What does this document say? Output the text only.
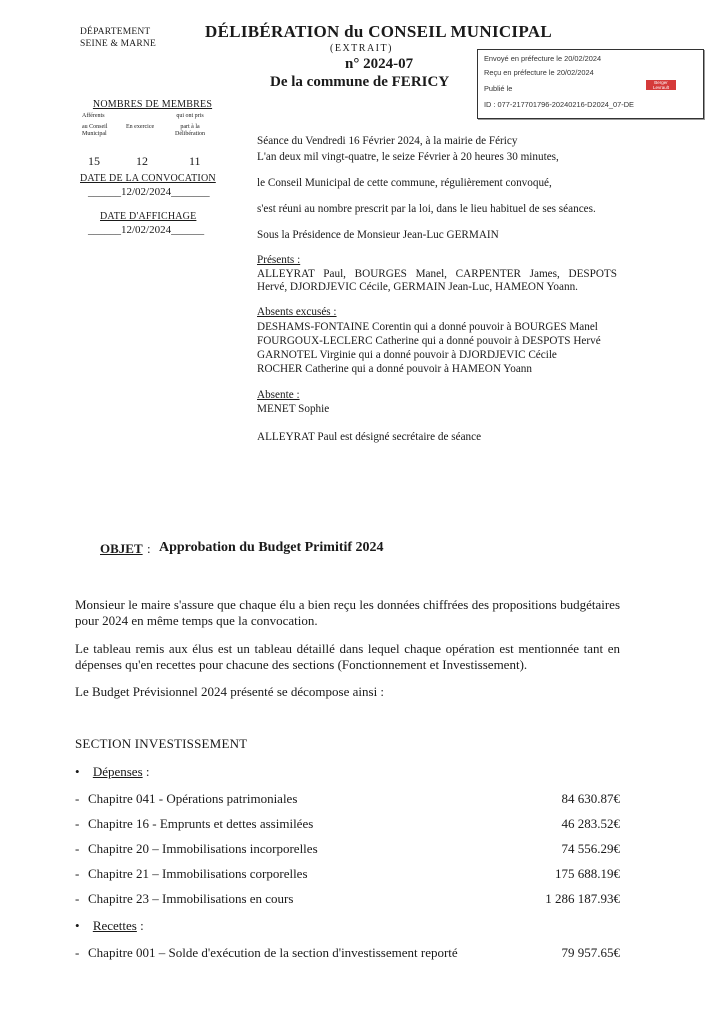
DÉPARTEMENT
SEINE & MARNE
DÉLIBÉRATION du CONSEIL MUNICIPAL
(EXTRAIT)
n° 2024-07
De la commune de FERICY
Envoyé en préfecture le 20/02/2024
Reçu en préfecture le 20/02/2024
Publié le
ID : 077-217701796-20240216-D2024_07-DE
Berger Levrault
NOMBRES DE MEMBRES
Afférents
au Conseil
Municipal
En exercice
qui ont pris
part à la
Délibération
15	12	11
DATE DE LA CONVOCATION
______12/02/2024_______
DATE D'AFFICHAGE
______12/02/2024______
Séance du Vendredi 16 Février 2024, à la mairie de Féricy
L'an deux mil vingt-quatre, le seize Février à 20 heures 30 minutes,
le Conseil Municipal de cette commune, régulièrement convoqué,
s'est réuni au nombre prescrit par la loi, dans le lieu habituel de ses séances.
Sous la Présidence de Monsieur Jean-Luc GERMAIN
Présents :
ALLEYRAT Paul, BOURGES Manel, CARPENTER James, DESPOTS
Hervé, DJORDJEVIC Cécile, GERMAIN Jean-Luc, HAMEON Yoann.
Absents excusés :
DESHAMS-FONTAINE Corentin qui a donné pouvoir à BOURGES Manel
FOURGOUX-LECLERC Catherine qui a donné pouvoir à DESPOTS Hervé
GARNOTEL Virginie qui a donné pouvoir à DJORDJEVIC Cécile
ROCHER Catherine qui a donné pouvoir à HAMEON Yoann
Absente :
MENET Sophie
ALLEYRAT Paul est désigné secrétaire de séance
OBJET : Approbation du Budget Primitif 2024
Monsieur le maire s'assure que chaque élu a bien reçu les données chiffrées des propositions budgétaires pour 2024 en même temps que la convocation.
Le tableau remis aux élus est un tableau détaillé dans lequel chaque opération est mentionnée tant en dépenses qu'en recettes pour chacune des sections (Fonctionnement et Investissement).
Le Budget Prévisionnel 2024 présenté se décompose ainsi :
SECTION INVESTISSEMENT
• Dépenses :
- Chapitre 041 - Opérations patrimoniales	84 630.87€
- Chapitre 16 - Emprunts et dettes assimilées	46 283.52€
- Chapitre 20 – Immobilisations incorporelles	74 556.29€
- Chapitre 21 – Immobilisations corporelles	175 688.19€
- Chapitre 23 – Immobilisations en cours	1 286 187.93€
• Recettes :
- Chapitre 001 – Solde d'exécution de la section d'investissement reporté	79 957.65€
